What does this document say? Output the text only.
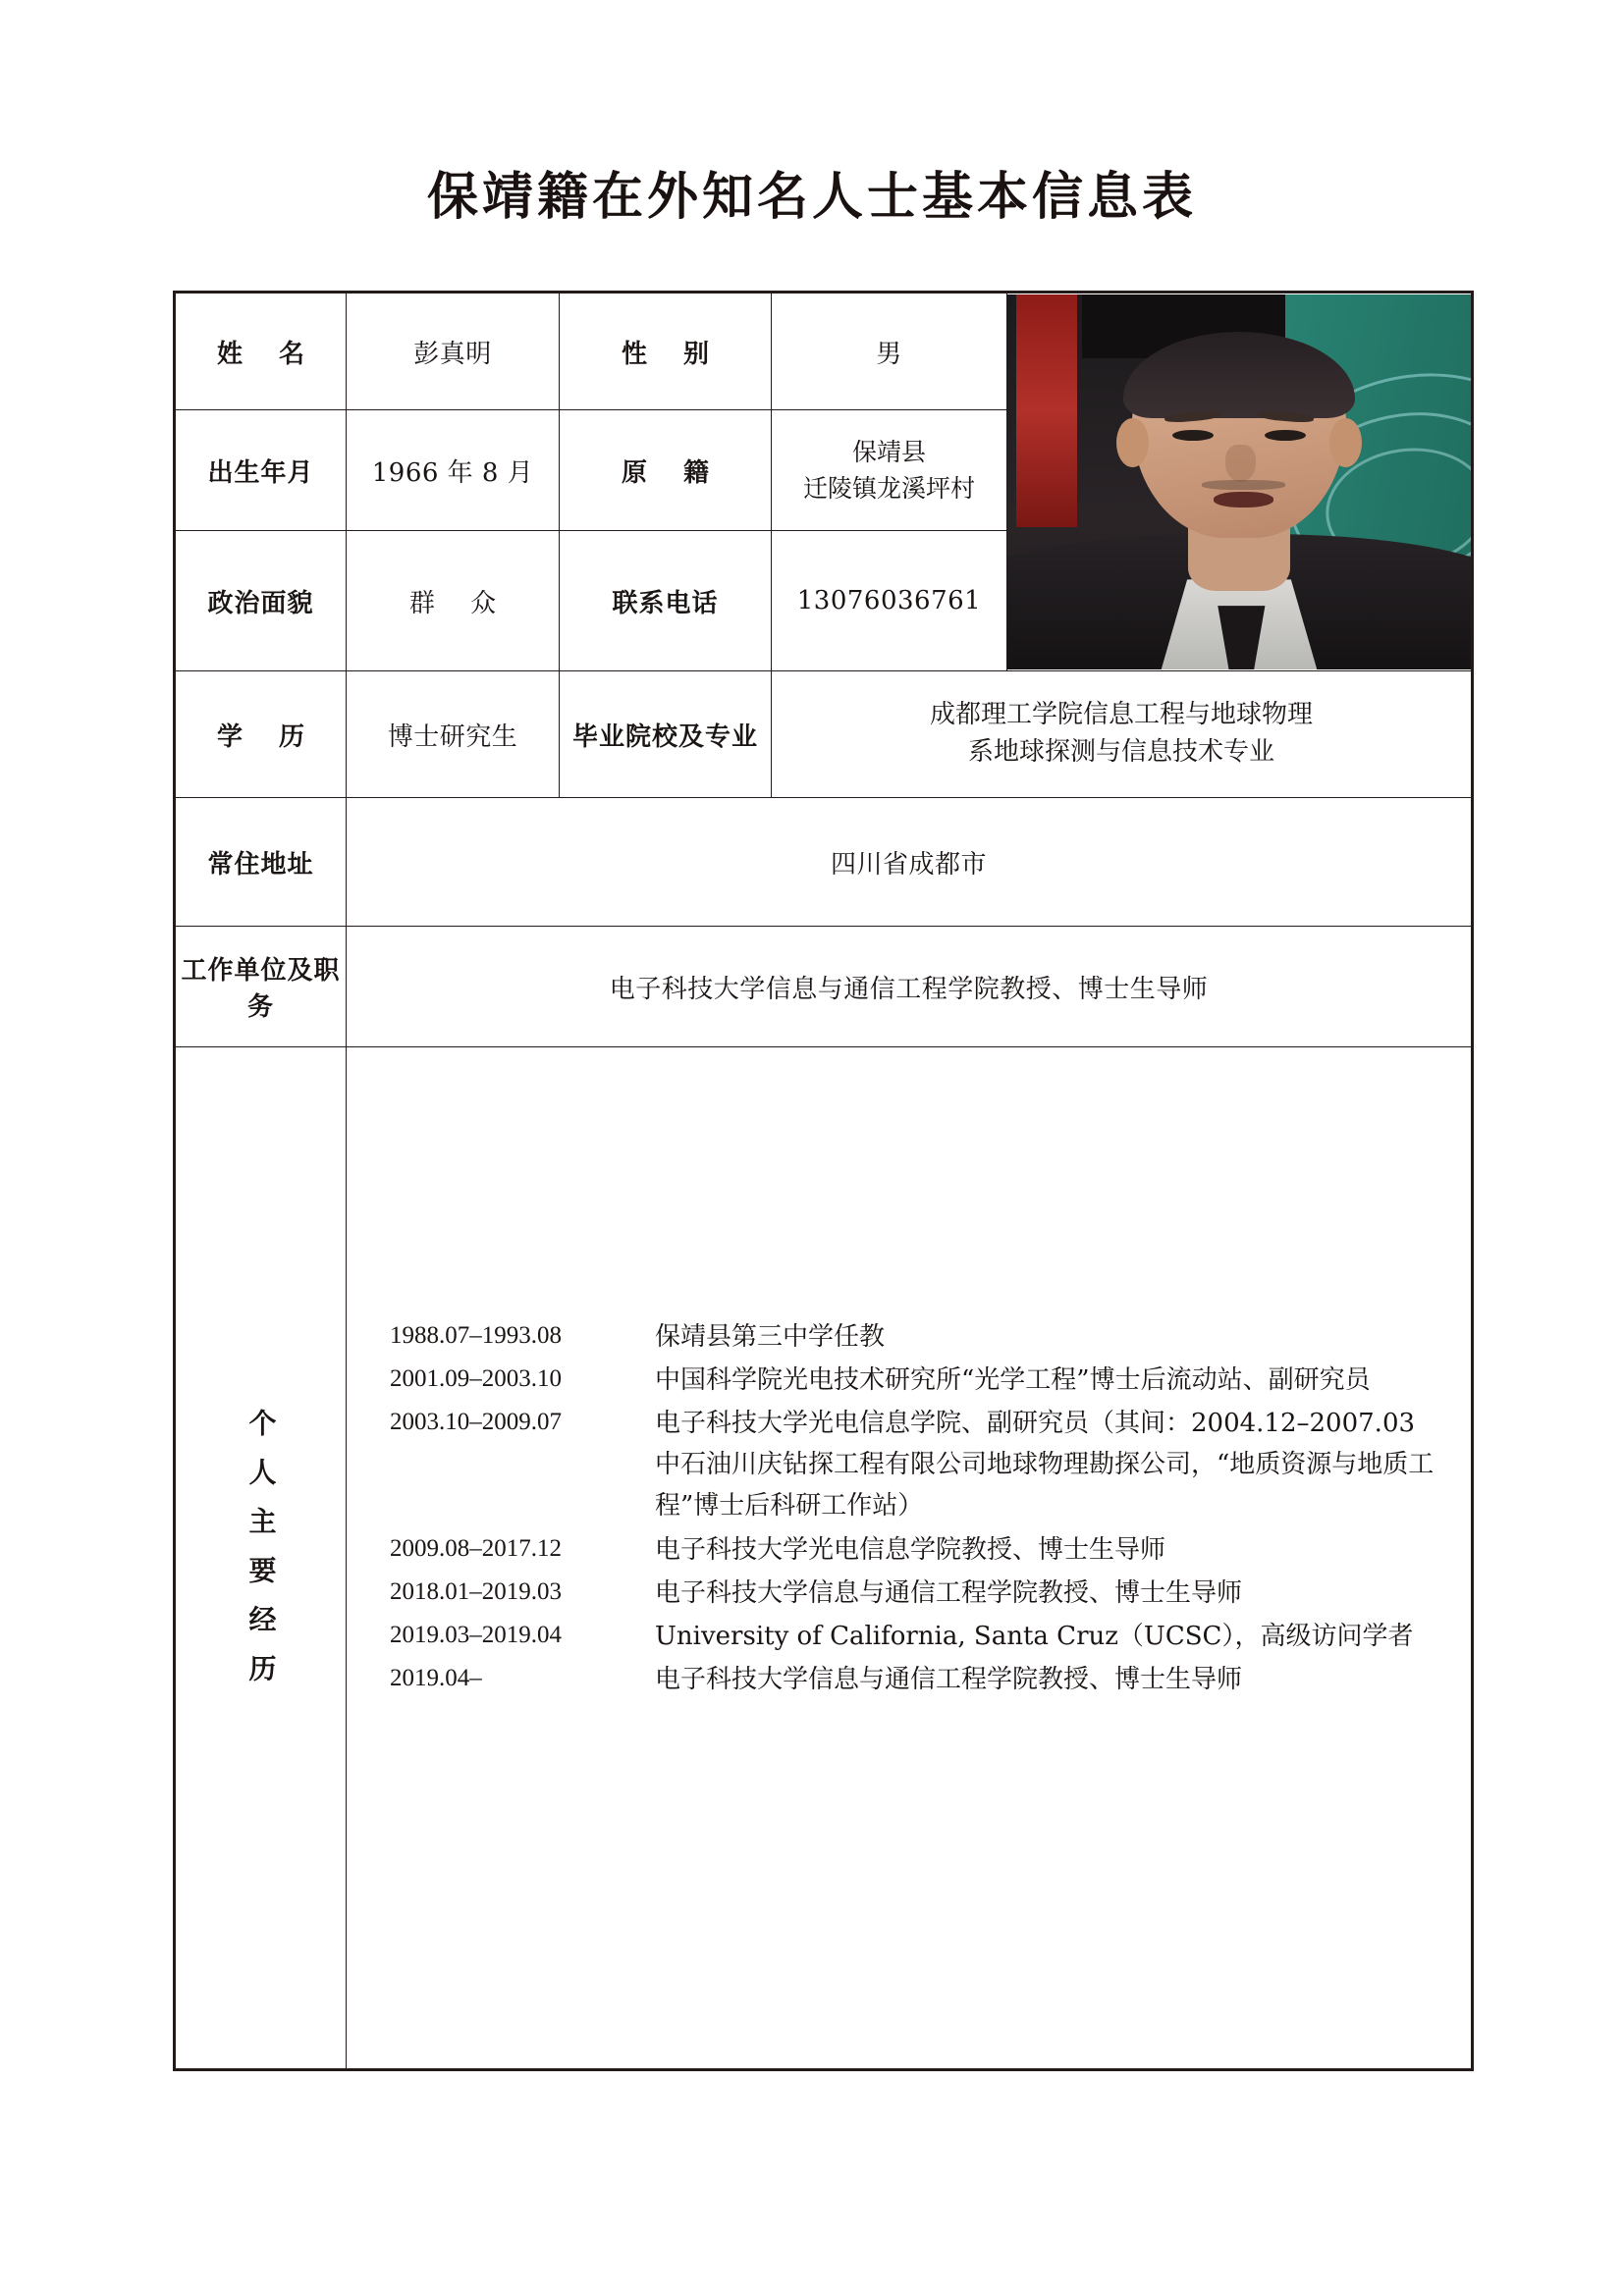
保靖籍在外知名人士基本信息表
姓 名	彭真明	性 别	男	

出生年月	1966 年 8 月	原 籍	保靖县
迁陵镇龙溪坪村	

政治面貌	群 众	联系电话	13076036761	
学 历	博士研究生	毕业院校及专业	成都理工学院信息工程与地球物理
系地球探测与信息技术专业	

常住地址	四川省成都市			
工作单位及职务	电子科技大学信息与通信工程学院教授、博士生导师			
个人主要经历	
1988.07–1993.08	保靖县第三中学任教
2001.09–2003.10	中国科学院光电技术研究所“光学工程”博士后流动站、副研究员
2003.10–2009.07	电子科技大学光电信息学院、副研究员（其间：2004.12–2007.03 中石油川庆钻探工程有限公司地球物理勘探公司，“地质资源与地质工程”博士后科研工作站）
2009.08–2017.12	电子科技大学光电信息学院教授、博士生导师
2018.01–2019.03	电子科技大学信息与通信工程学院教授、博士生导师
2019.03–2019.04	University of California, Santa Cruz（UCSC），高级访问学者
2019.04–	电子科技大学信息与通信工程学院教授、博士生导师
